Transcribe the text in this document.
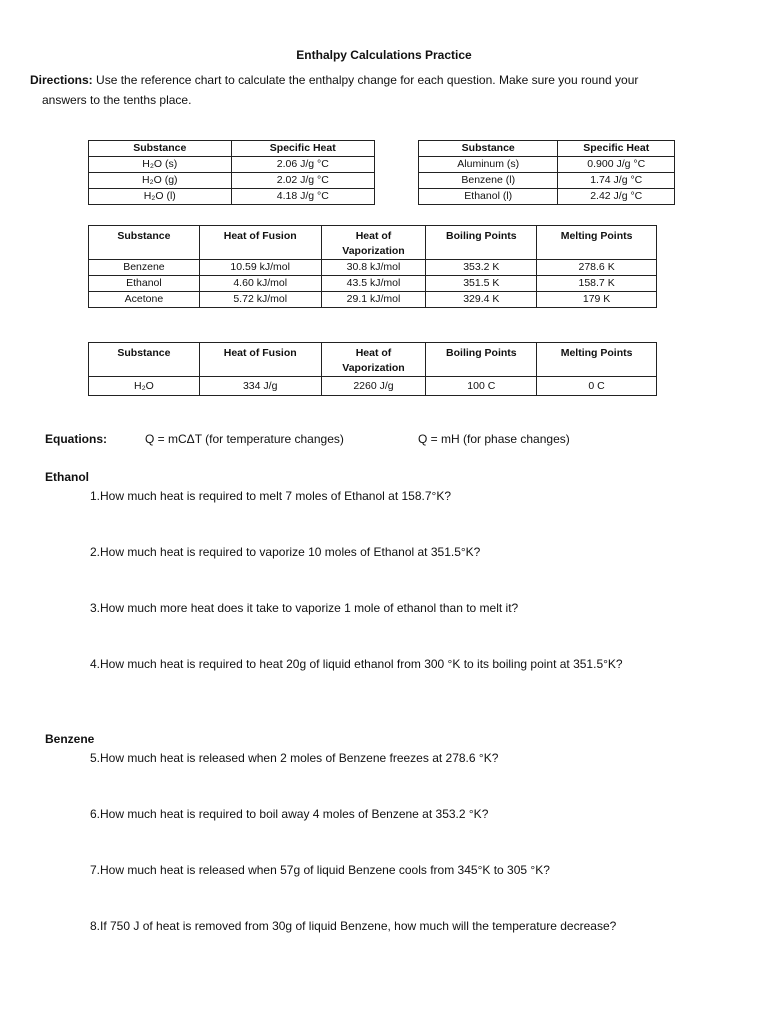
Enthalpy Calculations Practice
Directions: Use the reference chart to calculate the enthalpy change for each question. Make sure you round your
answers to the tenths place.
Substance	Specific Heat
H₂O (s)	2.06 J/g °C
H₂O (g)	2.02 J/g °C
H₂O (l)	4.18 J/g °C
Substance	Specific Heat
Aluminum (s)	0.900 J/g °C
Benzene (l)	1.74 J/g °C
Ethanol (l)	2.42 J/g °C
Substance	Heat of Fusion	Heat of Vaporization	Boiling Points	Melting Points
Benzene	10.59 kJ/mol	30.8 kJ/mol	353.2 K	278.6 K
Ethanol	4.60 kJ/mol	43.5 kJ/mol	351.5 K	158.7 K
Acetone	5.72 kJ/mol	29.1 kJ/mol	329.4 K	179 K
Substance	Heat of Fusion	Heat of Vaporization	Boiling Points	Melting Points
H₂O	334 J/g	2260 J/g	100 C	0 C
Equations:	Q = mCΔT (for temperature changes)	Q = mH (for phase changes)
Ethanol
1.How much heat is required to melt 7 moles of Ethanol at 158.7°K?
2.How much heat is required to vaporize 10 moles of Ethanol at 351.5°K?
3.How much more heat does it take to vaporize 1 mole of ethanol than to melt it?
4.How much heat is required to heat 20g of liquid ethanol from 300 °K to its boiling point at 351.5°K?
Benzene
5.How much heat is released when 2 moles of Benzene freezes at 278.6 °K?
6.How much heat is required to boil away 4 moles of Benzene at 353.2 °K?
7.How much heat is released when 57g of liquid Benzene cools from 345°K to 305 °K?
8.If 750 J of heat is removed from 30g of liquid Benzene, how much will the temperature decrease?
